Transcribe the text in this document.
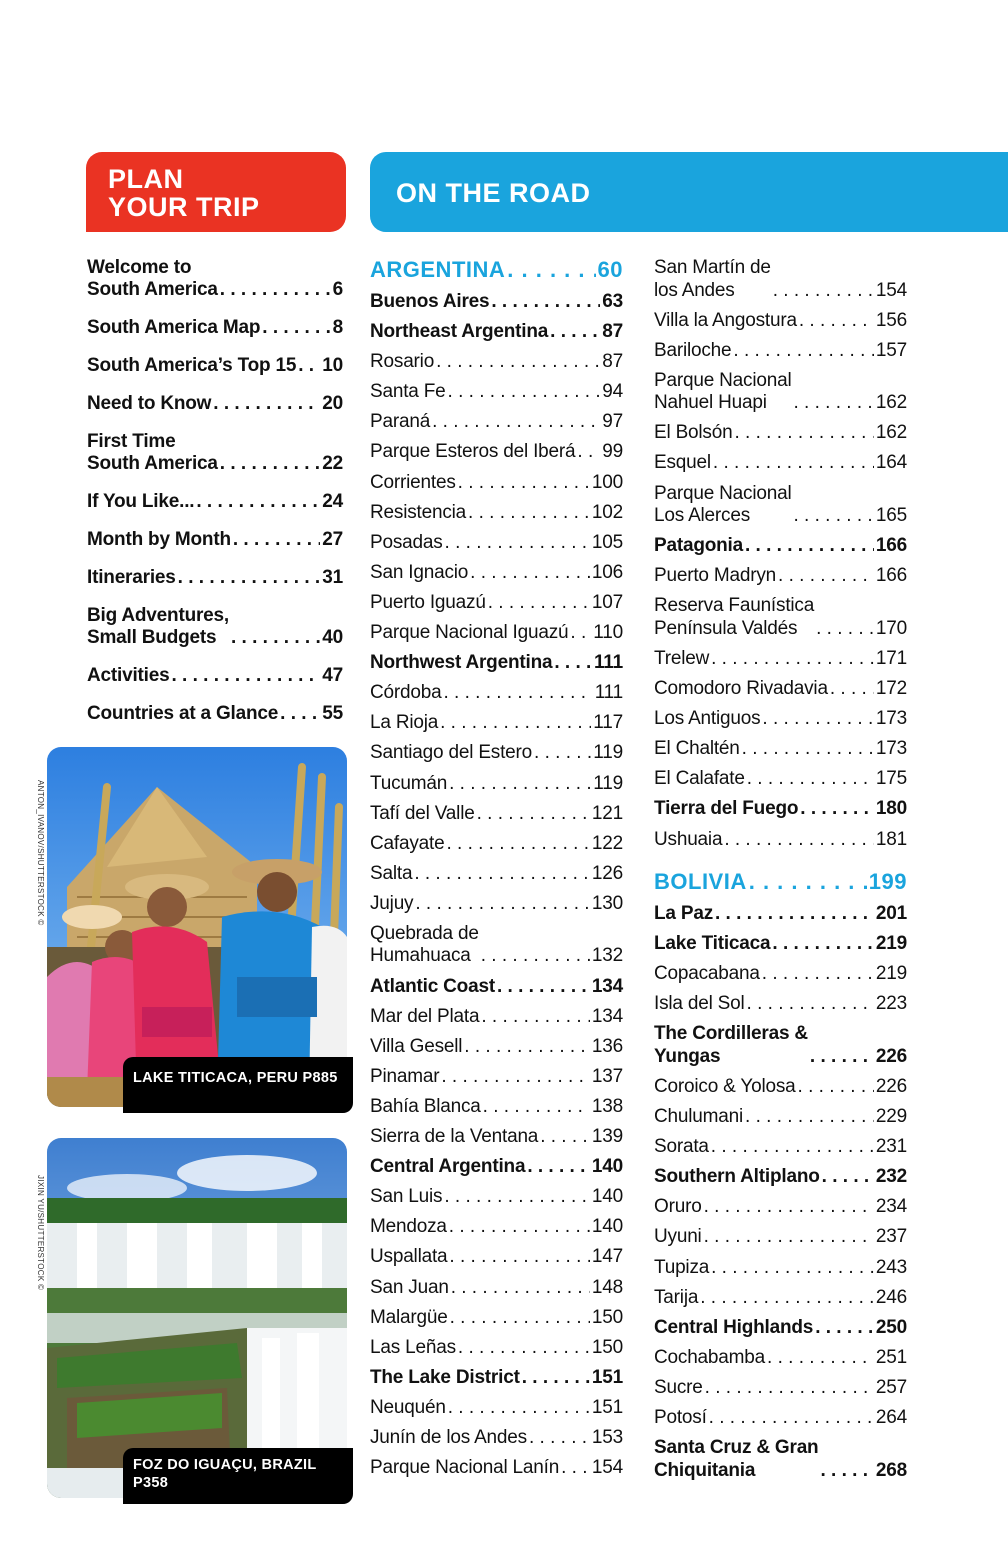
PLAN
YOUR TRIP	ON THE ROAD
Welcome to
South America . . .	6
South America Map . . .	8
South America’s Top 15 . . . 10
Need to Know . . .	20
First Time
South America . . .	22
If You Like... . . .	24
Month by Month . . .	27
Itineraries . . .	31
Big Adventures,
Small Budgets . . .	40
Activities . . .	47
Countries at a Glance . . . 55
ARGENTINA . . .	60
Buenos Aires . . .	63
Northeast Argentina . . .	87
Rosario . . .	87
Santa Fe . . .	94
Paraná . . .	97
Parque Esteros del Iberá . . . 99
Corrientes . . .	100
Resistencia . . .	102
Posadas . . .	105
San Ignacio . . .	106
Puerto Iguazú . . .	107
Parque Nacional Iguazú . . . 110
Northwest Argentina . . . 111
Córdoba . . .	111
La Rioja . . .	117
Santiago del Estero . . .	119
Tucumán . . .	119
Tafí del Valle . . .	121
Cafayate . . .	122
Salta . . .	126
Jujuy . . .	130
Quebrada de
Humahuaca . . .	132
Atlantic Coast . . .	134
Mar del Plata . . .	134
Villa Gesell . . .	136
Pinamar . . .	137
Bahía Blanca . . .	138
Sierra de la Ventana . . .	139
Central Argentina . . .	140
San Luis . . .	140
Mendoza . . .	140
Uspallata . . .	147
San Juan . . .	148
Malargüe . . .	150
Las Leñas . . .	150
The Lake District . . .	151
Neuquén . . .	151
Junín de los Andes . . .	153
Parque Nacional Lanín . . . 154
San Martín de
los Andes . . .	154
Villa la Angostura . . .	156
Bariloche . . .	157
Parque Nacional
Nahuel Huapi . . .	162
El Bolsón . . .	162
Esquel . . .	164
Parque Nacional
Los Alerces . . .	165
Patagonia . . .	166
Puerto Madryn . . .	166
Reserva Faunística
Península Valdés . . .	170
Trelew . . .	171
Comodoro Rivadavia . . .	172
Los Antiguos . . .	173
El Chaltén . . .	173
El Calafate . . .	175
Tierra del Fuego . . .	180
Ushuaia . . .	181
BOLIVIA . . .	199
La Paz . . .	201
Lake Titicaca . . .	219
Copacabana . . .	219
Isla del Sol . . .	223
The Cordilleras &
Yungas . . .	226
Coroico & Yolosa . . .	226
Chulumani . . .	229
Sorata . . .	231
Southern Altiplano . . .	232
Oruro . . .	234
Uyuni . . .	237
Tupiza . . .	243
Tarija . . .	246
Central Highlands . . .	250
Cochabamba . . .	251
Sucre . . .	257
Potosí . . .	264
Santa Cruz & Gran
Chiquitania . . .	268
ANTON_IVANOV/SHUTTERSTOCK ©
LAKE TITICACA, PERU P885
JIXIN YU/SHUTTERSTOCK ©
FOZ DO IGUAÇU, BRAZIL P358
